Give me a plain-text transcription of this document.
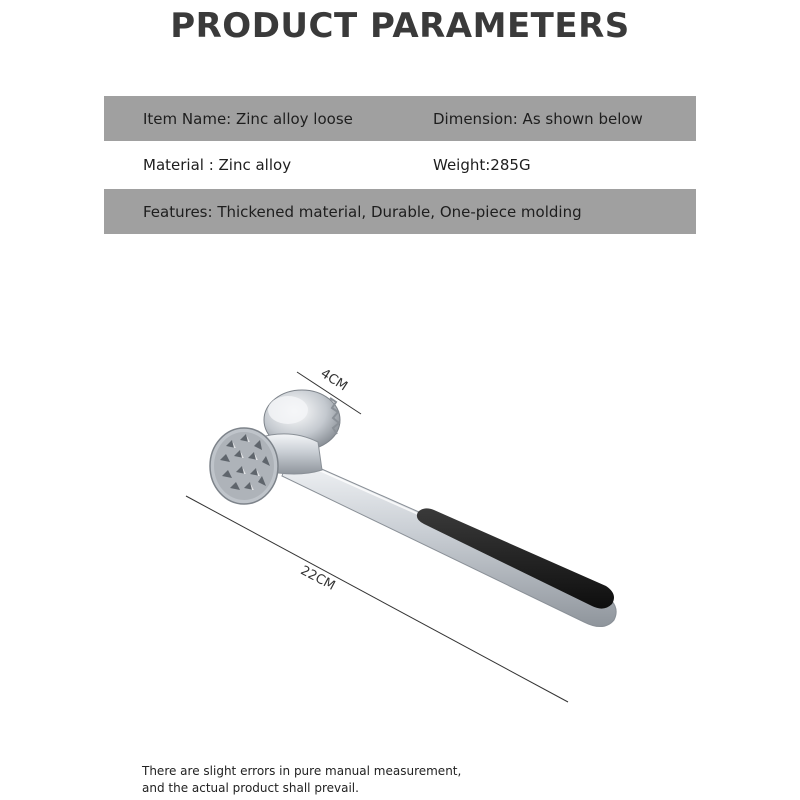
PRODUCT PARAMETERS
Item Name: Zinc alloy loose	Dimension: As shown below
Material : Zinc alloy	Weight:285G
Features: Thickened material, Durable, One-piece molding
4CM
22CM
There are slight errors in pure manual measurement,
and the actual product shall prevail.
